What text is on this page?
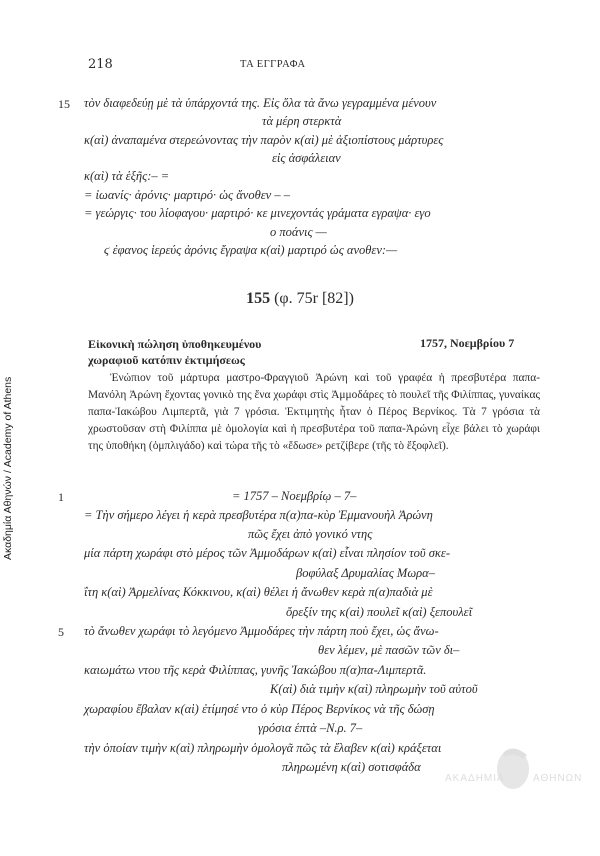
Ακαδημία Αθηνών / Academy of Athens
218	ΤΑ ΕΓΓΡΑΦΑ
15 τὸν διαφεδεύῃ μὲ τὰ ὑπάρχοντά της. Εἰς ὅλα τὰ ἄνω γεγραμμένα μένουν
τὰ μέρη στερκτὰ
κ(αὶ) ἀναπαμένα στερεώνοντας τὴν παρὸν κ(αὶ) μὲ ἀξιοπίστους μάρτυρες
εἰς ἀσφάλειαν
κ(αὶ) τὰ ἑξῆς:– =
= ἰωανίς· ἀρόνις· μαρτιρό· ὡς ἄνοθεν – –
= γεώργις· του λίοφαγου· μαρτιρό· κε μινεχοντάς γράματα εγραψα· εγο
ο ποάνις —
ϛ ἐφανος ἱερεύς ἀρόνις ἔγραψα κ(αὶ) μαρτιρό ὡς ανοθεν:—
155 (φ. 75r [82])
Εἰκονικὴ πώληση ὑποθηκευμένου
χωραφιοῦ κατόπιν ἐκτιμήσεως
1757, Νοεμβρίου 7

Ἐνώπιον τοῦ μάρτυρα μαστρο-Φραγγιοῦ Ἀρώνη καὶ τοῦ γραφέα ἡ πρεσβυτέρα παπα-Μανόλη Ἀρώνη ἔχοντας γονικὸ της ἕνα χωράφι στὶς Ἀμμοδάρες τὸ πουλεῖ τῆς Φιλίππας, γυναίκας παπα-Ἰακώβου Λιμπερτᾶ, γιὰ 7 γρόσια. Ἐκτιμητὴς ἦταν ὁ Πέρος Βερνίκος. Τὰ 7 γρόσια τὰ χρωστοῦσαν στὴ Φιλίππα μὲ ὁμολογία καὶ ἡ πρεσβυτέρα τοῦ παπα-Ἀρώνη εἶχε βάλει τὸ χωράφι της ὑποθήκη (ὀμπλιγάδο) καὶ τώρα τῆς τὸ «ἔδωσε» ρετζίβερε (τῆς τὸ ἔξοφλεῖ).

1	= 1757 – Νοεμβρίῳ – 7–
= Τὴν σήμερο λέγει ἡ κερὰ πρεσβυτέρα π(α)πα-κὺρ Ἐμμανουὴλ Ἀρώνη
πῶς ἔχει ἀπὸ γονικό ντης
μία πάρτη χωράφι στὸ μέρος τῶν Ἀμμοδάρων κ(αὶ) εἶναι πλησίον τοῦ σκε-
βοφύλαξ Δρυμαλίας Μωρα–
ΐτη κ(αὶ) Ἀρμελίνας Κόκκινου, κ(αὶ) θέλει ἡ ἄνωθεν κερὰ π(α)παδιὰ μὲ
ὄρεξίν της κ(αὶ) πουλεῖ κ(αὶ) ξεπουλεῖ
5 τὸ ἄνωθεν χωράφι τὸ λεγόμενο Ἀμμοδάρες τὴν πάρτη ποὺ ἔχει, ὡς ἄνω-
θεν λέμεν, μὲ πασῶν τῶν δι–
καιωμάτω ντου τῆς κερὰ Φιλίππας, γυνῆς Ἰακώβου π(α)πα-Λιμπερτᾶ.
Κ(αὶ) διὰ τιμὴν κ(αὶ) πληρωμὴν τοῦ αὐτοῦ
χωραφίου ἔβαλαν κ(αὶ) ἐτίμησέ ντο ὁ κὺρ Πέρος Βερνίκος νὰ τῆς δώσῃ
γρόσια ἑπτὰ –Ν.ρ. 7–
τὴν ὁποίαν τιμὴν κ(αὶ) πληρωμὴν ὁμολογᾶ πῶς τὰ ἔλαβεν κ(αὶ) κράξεται
πληρωμένη κ(αὶ) σοτισφάδα
ΑΚΑΔΗΜΙΑ	ΑΘΗΝΩΝ
